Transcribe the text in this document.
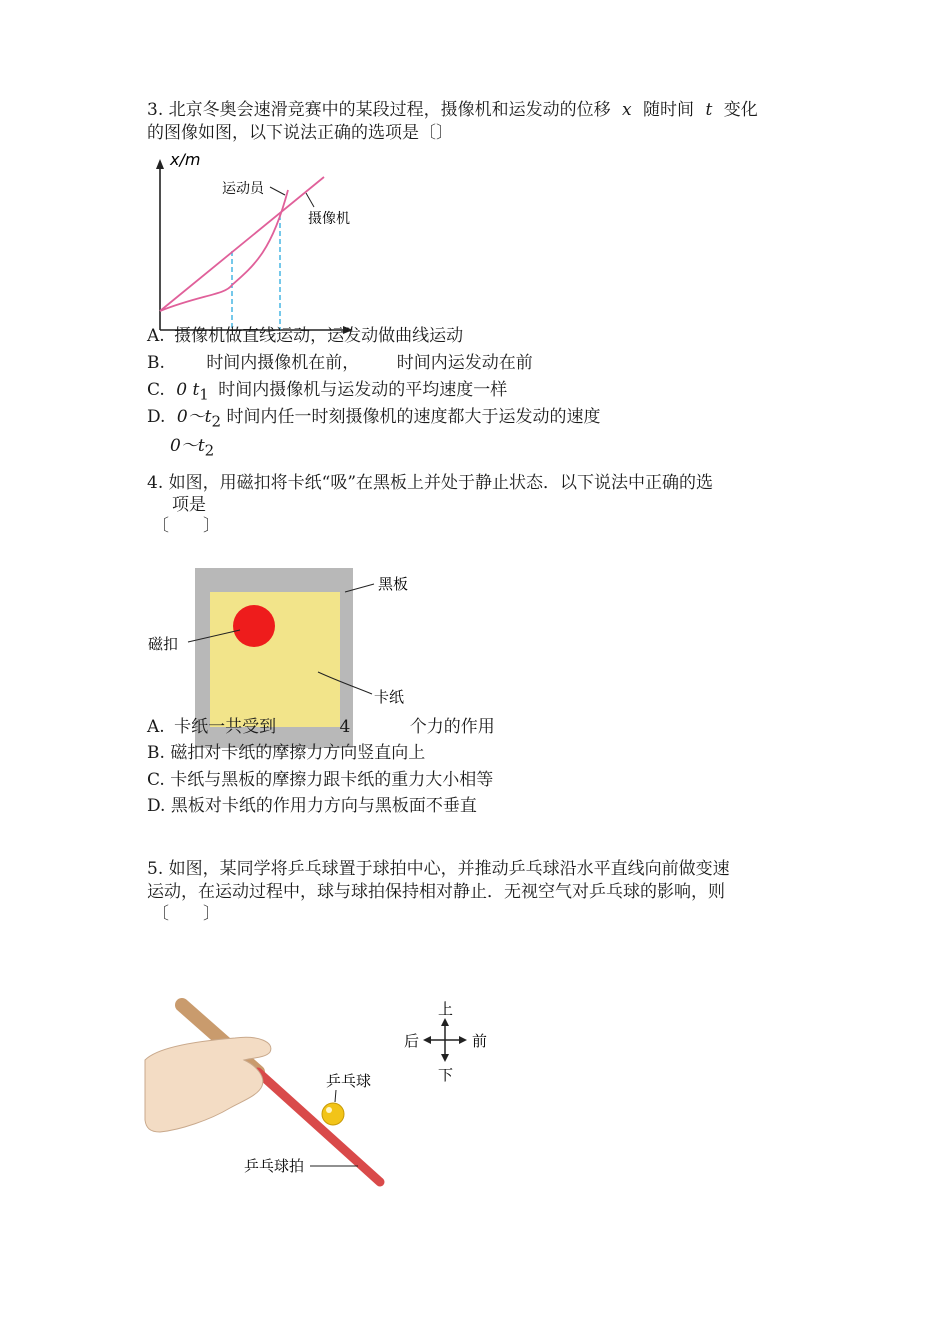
3. 北京冬奥会速滑竞赛中的某段过程，摄像机和运发动的位移 x 随时间 t 变化
的图像如图，以下说法正确的选项是〔〕
x/m
运动员
摄像机
A. 摄像机做直线运动，运发动做曲线运动
B. 时间内摄像机在前， 时间内运发动在前
C. 0 $t_1$ 时间内摄像机与运发动的平均速度一样
D. $0\sim t_2$ 时间内任一时刻摄像机的速度都大于运发动的速度
$0\sim t_2$
4. 如图，用磁扣将卡纸“吸”在黑板上并处于静止状态．以下说法中正确的选
项是
〔　　〕
黑板
磁扣
卡纸
A. 卡纸一共受到	4	个力的作用
B. 磁扣对卡纸的摩擦力方向竖直向上
C. 卡纸与黑板的摩擦力跟卡纸的重力大小相等
D. 黑板对卡纸的作用力方向与黑板面不垂直
5. 如图，某同学将乒乓球置于球拍中心，并推动乒乓球沿水平直线向前做变速
运动，在运动过程中，球与球拍保持相对静止．无视空气对乒乓球的影响，则
〔　　〕
乒乓球
乒乓球拍
上
下
后	前
